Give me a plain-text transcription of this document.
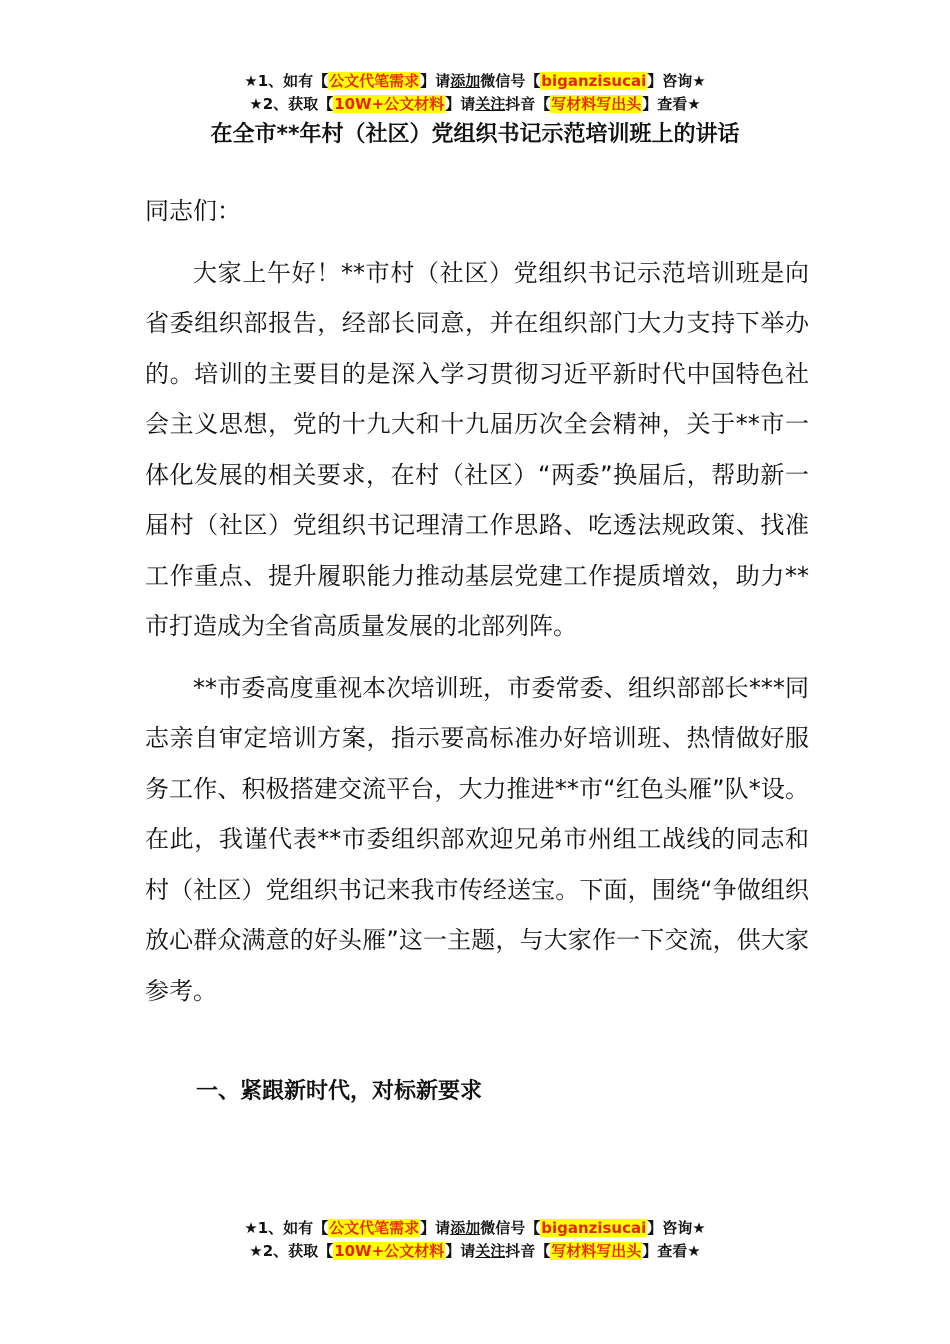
★1、如有【公文代笔需求】请添加微信号【biganzisucai】咨询★
★2、获取【10W+公文材料】请关注抖音【写材料写出头】查看★
在全市**年村（社区）党组织书记示范培训班上的讲话

同志们：

大家上午好！**市村（社区）党组织书记示范培训班是向省委组织部报告，经部长同意，并在组织部门大力支持下举办的。培训的主要目的是深入学习贯彻习近平新时代中国特色社会主义思想，党的十九大和十九届历次全会精神，关于**市一体化发展的相关要求，在村（社区）“两委”换届后，帮助新一届村（社区）党组织书记理清工作思路、吃透法规政策、找准工作重点、提升履职能力推动基层党建工作提质增效，助力**市打造成为全省高质量发展的北部列阵。

**市委高度重视本次培训班，市委常委、组织部部长***同志亲自审定培训方案，指示要高标准办好培训班、热情做好服务工作、积极搭建交流平台，大力推进**市“红色头雁”队*设。在此，我谨代表**市委组织部欢迎兄弟市州组工战线的同志和村（社区）党组织书记来我市传经送宝。下面，围绕“争做组织放心群众满意的好头雁”这一主题，与大家作一下交流，供大家参考。

一、紧跟新时代，对标新要求
★1、如有【公文代笔需求】请添加微信号【biganzisucai】咨询★
★2、获取【10W+公文材料】请关注抖音【写材料写出头】查看★
